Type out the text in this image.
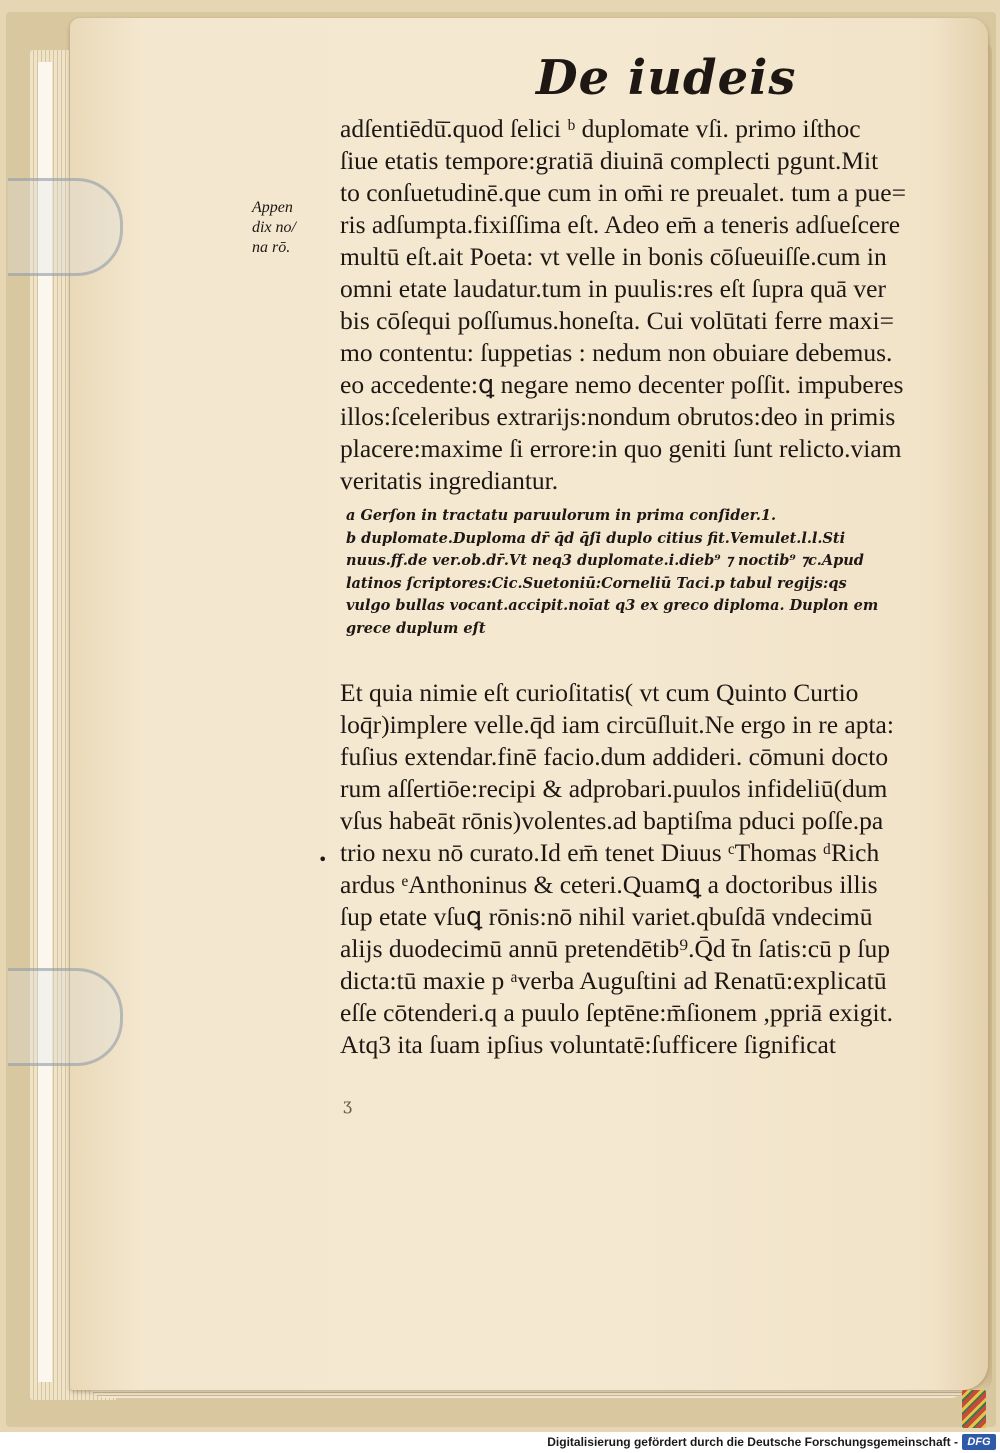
De iudeis
Appen
dix no/
na rō.
adſentiēdū̄.quod ſelici ᵇ duplomate vſi. primo iſthoc
ſiue etatis tempore:gratiā diuinā complecti pgunt.Mit
to conſuetudinē.que cum in om̄i re preualet. tum a pue=
ris adſumpta.fixiſſima eſt. Adeo em̄ a teneris adſueſcere
multū eſt.ait Poeta: vt velle in bonis cōſueuiſſe.cum in
omni etate laudatur.tum in puulis:res eſt ſupra quā ver
bis cōſequi poſſumus.honeſta. Cui volūtati ferre maxi=
mo contentu: ſuppetias : nedum non obuiare debemus.
eo accedente:ꝗ negare nemo decenter poſſit. impuberes
illos:ſceleribus extrarijs:nondum obrutos:deo in primis
placere:maxime ſi errore:in quo geniti ſunt relicto.viam
veritatis ingrediantur.
a Gerſon in tractatu paruulorum in prima conſider.1.
b duplomate.Duploma dr̄ q̄d q̄ſi duplo citius fit.Vemulet.l.l.Sti
nuus.ff.de ver.ob.dr̄.Vt neq3 duplomate.i.dieb⁹ ⁊ noctib⁹ ⁊c.Apud
latinos ſcriptores:Cic.Suetoniū:Corneliū Taci.p tabul regijs:qs
vulgo bullas vocant.accipit.noīat q3 ex greco diploma. Duplon em
grece duplum eſt
Et quia nimie eſt curioſitatis( vt cum Quinto Curtio
loq̄r)implere velle.q̄d iam circūſluit.Ne ergo in re apta:
fuſius extendar.finē facio.dum addideri. cōmuni docto
rum aſſertiōe:recipi & adprobari.puulos infideliū(dum
vſus habeāt rōnis)volentes.ad baptiſma pduci poſſe.pa
trio nexu nō curato.Id em̄ tenet Diuus ᶜThomas ᵈRich
ardus ᵉAnthoninus & ceteri.Quamꝗ a doctoribus illis
ſup etate vſuꝗ rōnis:nō nihil variet.qbuſdā vndecimū
alijs duodecimū annū pretendētib⁹.Q̄d t̄n ſatis:cū p ſup
dicta:tū maxie p ᵃverba Auguſtini ad Renatū:explicatū
eſſe cōtenderi.q a puulo ſeptēne:m̄ſionem ,ppriā exigit.
Atq3 ita ſuam ipſius voluntatē:ſufficere ſignificat
•
ʒ
Digitalisierung gefördert durch die Deutsche Forschungsgemeinschaft - DFG
